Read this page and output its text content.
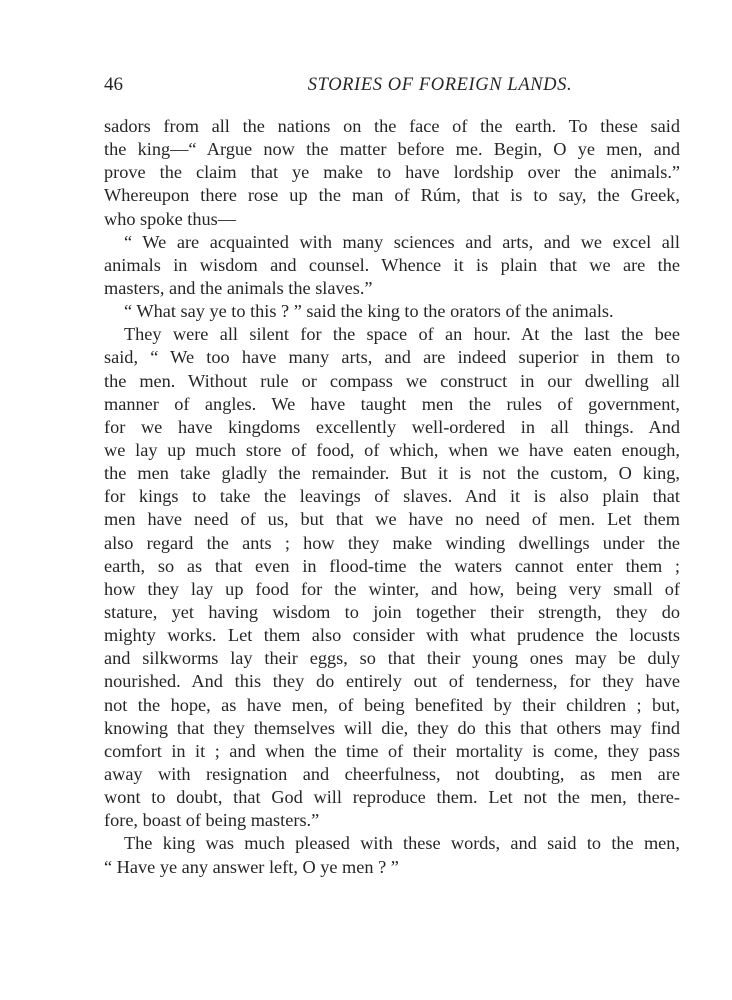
46	STORIES OF FOREIGN LANDS.
sadors from all the nations on the face of the earth. To these said
the king—“ Argue now the matter before me. Begin, O ye men, and
prove the claim that ye make to have lordship over the animals.”
Whereupon there rose up the man of Rúm, that is to say, the Greek,
who spoke thus—
“ We are acquainted with many sciences and arts, and we excel all
animals in wisdom and counsel. Whence it is plain that we are the
masters, and the animals the slaves.”
“ What say ye to this ? ” said the king to the orators of the animals.
They were all silent for the space of an hour. At the last the bee
said, “ We too have many arts, and are indeed superior in them to
the men. Without rule or compass we construct in our dwelling all
manner of angles. We have taught men the rules of government,
for we have kingdoms excellently well-ordered in all things. And
we lay up much store of food, of which, when we have eaten enough,
the men take gladly the remainder. But it is not the custom, O king,
for kings to take the leavings of slaves. And it is also plain that
men have need of us, but that we have no need of men. Let them
also regard the ants ; how they make winding dwellings under the
earth, so as that even in flood-time the waters cannot enter them ;
how they lay up food for the winter, and how, being very small of
stature, yet having wisdom to join together their strength, they do
mighty works. Let them also consider with what prudence the locusts
and silkworms lay their eggs, so that their young ones may be duly
nourished. And this they do entirely out of tenderness, for they have
not the hope, as have men, of being benefited by their children ; but,
knowing that they themselves will die, they do this that others may find
comfort in it ; and when the time of their mortality is come, they pass
away with resignation and cheerfulness, not doubting, as men are
wont to doubt, that God will reproduce them. Let not the men, there-
fore, boast of being masters.”
The king was much pleased with these words, and said to the men,
“ Have ye any answer left, O ye men ? ”
